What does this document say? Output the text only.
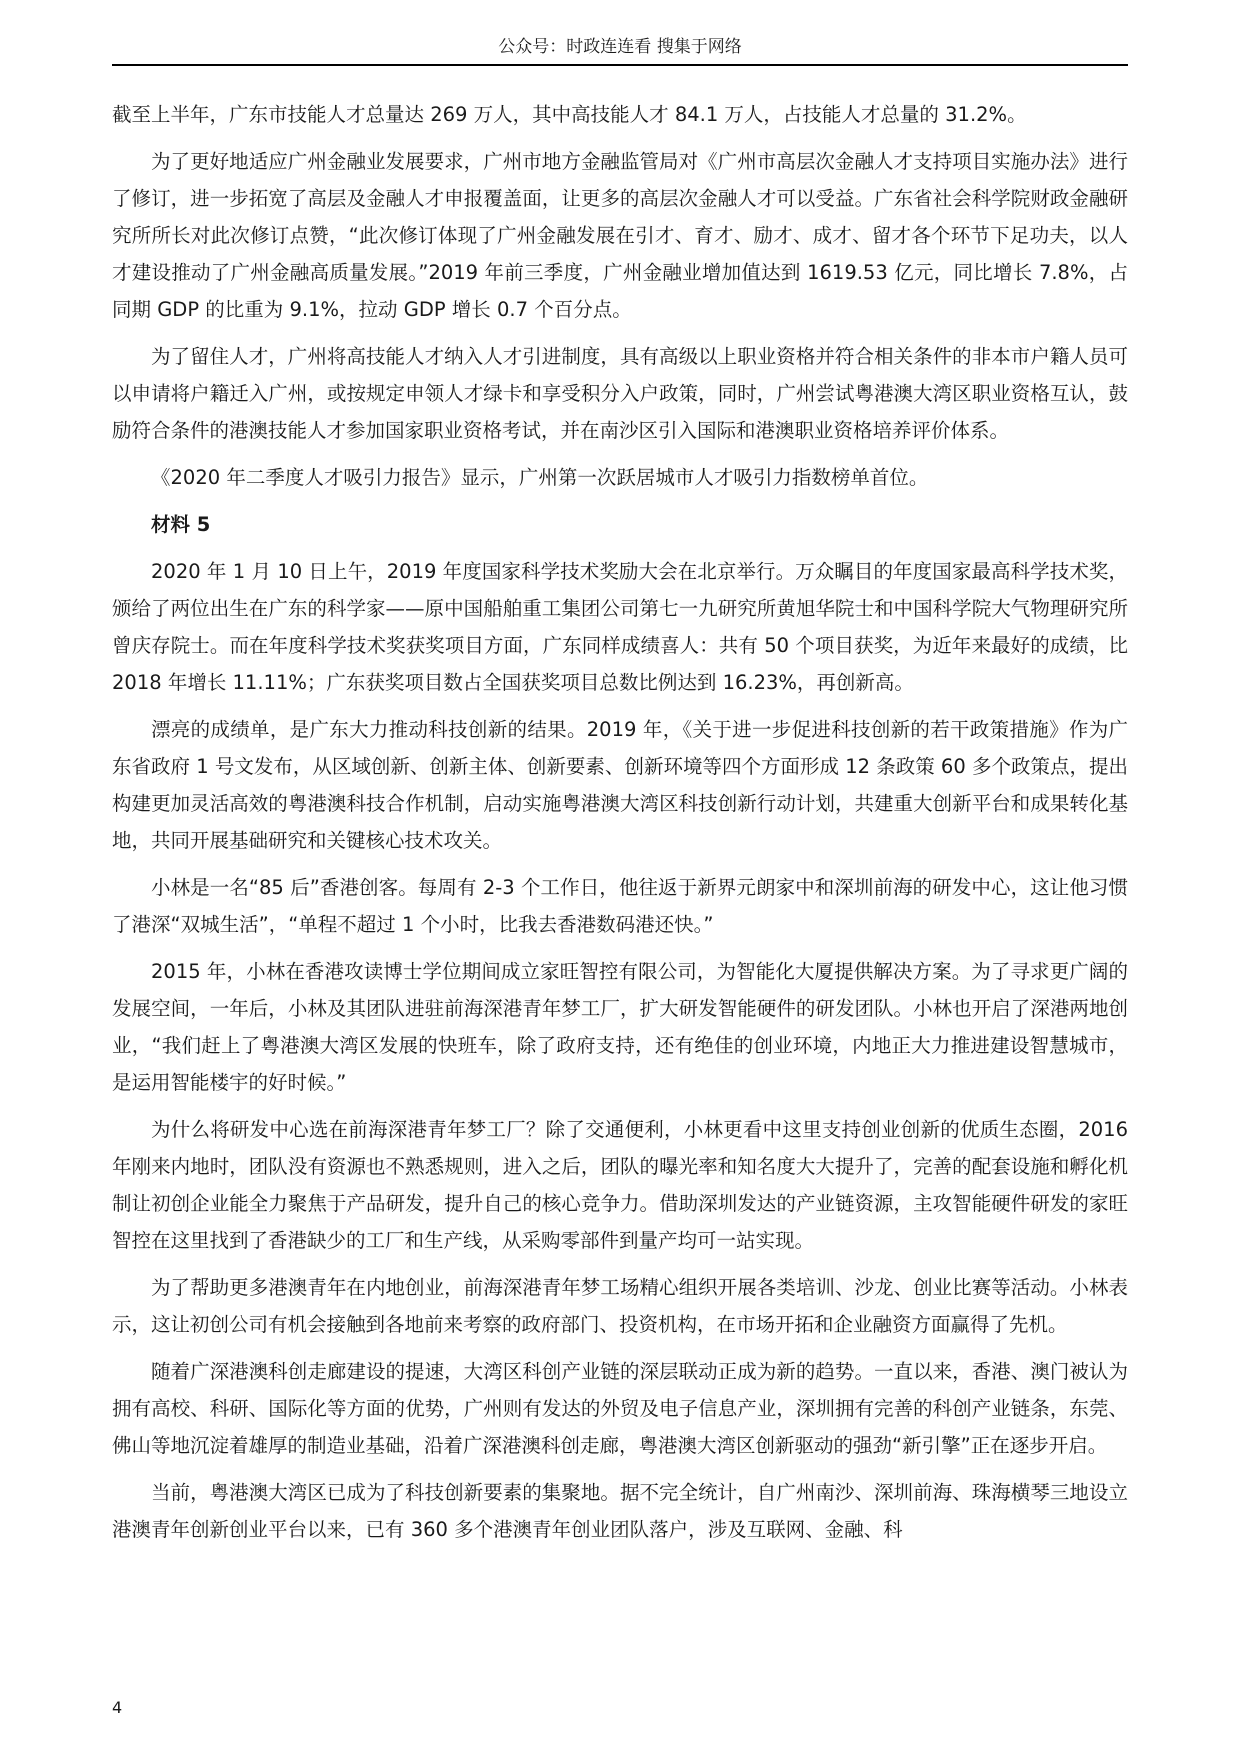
公众号：时政连连看 搜集于网络

截至上半年，广东市技能人才总量达 269 万人，其中高技能人才 84.1 万人，占技能人才总量的 31.2%。

为了更好地适应广州金融业发展要求，广州市地方金融监管局对《广州市高层次金融人才支持项目实施办法》进行了修订，进一步拓宽了高层及金融人才申报覆盖面，让更多的高层次金融人才可以受益。广东省社会科学院财政金融研究所所长对此次修订点赞，“此次修订体现了广州金融发展在引才、育才、励才、成才、留才各个环节下足功夫，以人才建设推动了广州金融高质量发展。”2019 年前三季度，广州金融业增加值达到 1619.53 亿元，同比增长 7.8%，占同期 GDP 的比重为 9.1%，拉动 GDP 增长 0.7 个百分点。

为了留住人才，广州将高技能人才纳入人才引进制度，具有高级以上职业资格并符合相关条件的非本市户籍人员可以申请将户籍迁入广州，或按规定申领人才绿卡和享受积分入户政策，同时，广州尝试粤港澳大湾区职业资格互认，鼓励符合条件的港澳技能人才参加国家职业资格考试，并在南沙区引入国际和港澳职业资格培养评价体系。

《2020 年二季度人才吸引力报告》显示，广州第一次跃居城市人才吸引力指数榜单首位。

材料 5

2020 年 1 月 10 日上午，2019 年度国家科学技术奖励大会在北京举行。万众瞩目的年度国家最高科学技术奖，颁给了两位出生在广东的科学家——原中国船舶重工集团公司第七一九研究所黄旭华院士和中国科学院大气物理研究所曾庆存院士。而在年度科学技术奖获奖项目方面，广东同样成绩喜人：共有 50 个项目获奖，为近年来最好的成绩，比 2018 年增长 11.11%；广东获奖项目数占全国获奖项目总数比例达到 16.23%，再创新高。

漂亮的成绩单，是广东大力推动科技创新的结果。2019 年，《关于进一步促进科技创新的若干政策措施》作为广东省政府 1 号文发布，从区域创新、创新主体、创新要素、创新环境等四个方面形成 12 条政策 60 多个政策点，提出构建更加灵活高效的粤港澳科技合作机制，启动实施粤港澳大湾区科技创新行动计划，共建重大创新平台和成果转化基地，共同开展基础研究和关键核心技术攻关。

小林是一名“85 后”香港创客。每周有 2-3 个工作日，他往返于新界元朗家中和深圳前海的研发中心，这让他习惯了港深“双城生活”，“单程不超过 1 个小时，比我去香港数码港还快。”

2015 年，小林在香港攻读博士学位期间成立家旺智控有限公司，为智能化大厦提供解决方案。为了寻求更广阔的发展空间，一年后，小林及其团队进驻前海深港青年梦工厂，扩大研发智能硬件的研发团队。小林也开启了深港两地创业，“我们赶上了粤港澳大湾区发展的快班车，除了政府支持，还有绝佳的创业环境，内地正大力推进建设智慧城市，是运用智能楼宇的好时候。”

为什么将研发中心选在前海深港青年梦工厂？除了交通便利，小林更看中这里支持创业创新的优质生态圈，2016 年刚来内地时，团队没有资源也不熟悉规则，进入之后，团队的曝光率和知名度大大提升了，完善的配套设施和孵化机制让初创企业能全力聚焦于产品研发，提升自己的核心竞争力。借助深圳发达的产业链资源，主攻智能硬件研发的家旺智控在这里找到了香港缺少的工厂和生产线，从采购零部件到量产均可一站实现。

为了帮助更多港澳青年在内地创业，前海深港青年梦工场精心组织开展各类培训、沙龙、创业比赛等活动。小林表示，这让初创公司有机会接触到各地前来考察的政府部门、投资机构，在市场开拓和企业融资方面赢得了先机。

随着广深港澳科创走廊建设的提速，大湾区科创产业链的深层联动正成为新的趋势。一直以来，香港、澳门被认为拥有高校、科研、国际化等方面的优势，广州则有发达的外贸及电子信息产业，深圳拥有完善的科创产业链条，东莞、佛山等地沉淀着雄厚的制造业基础，沿着广深港澳科创走廊，粤港澳大湾区创新驱动的强劲“新引擎”正在逐步开启。

当前，粤港澳大湾区已成为了科技创新要素的集聚地。据不完全统计，自广州南沙、深圳前海、珠海横琴三地设立港澳青年创新创业平台以来，已有 360 多个港澳青年创业团队落户，涉及互联网、金融、科

4
